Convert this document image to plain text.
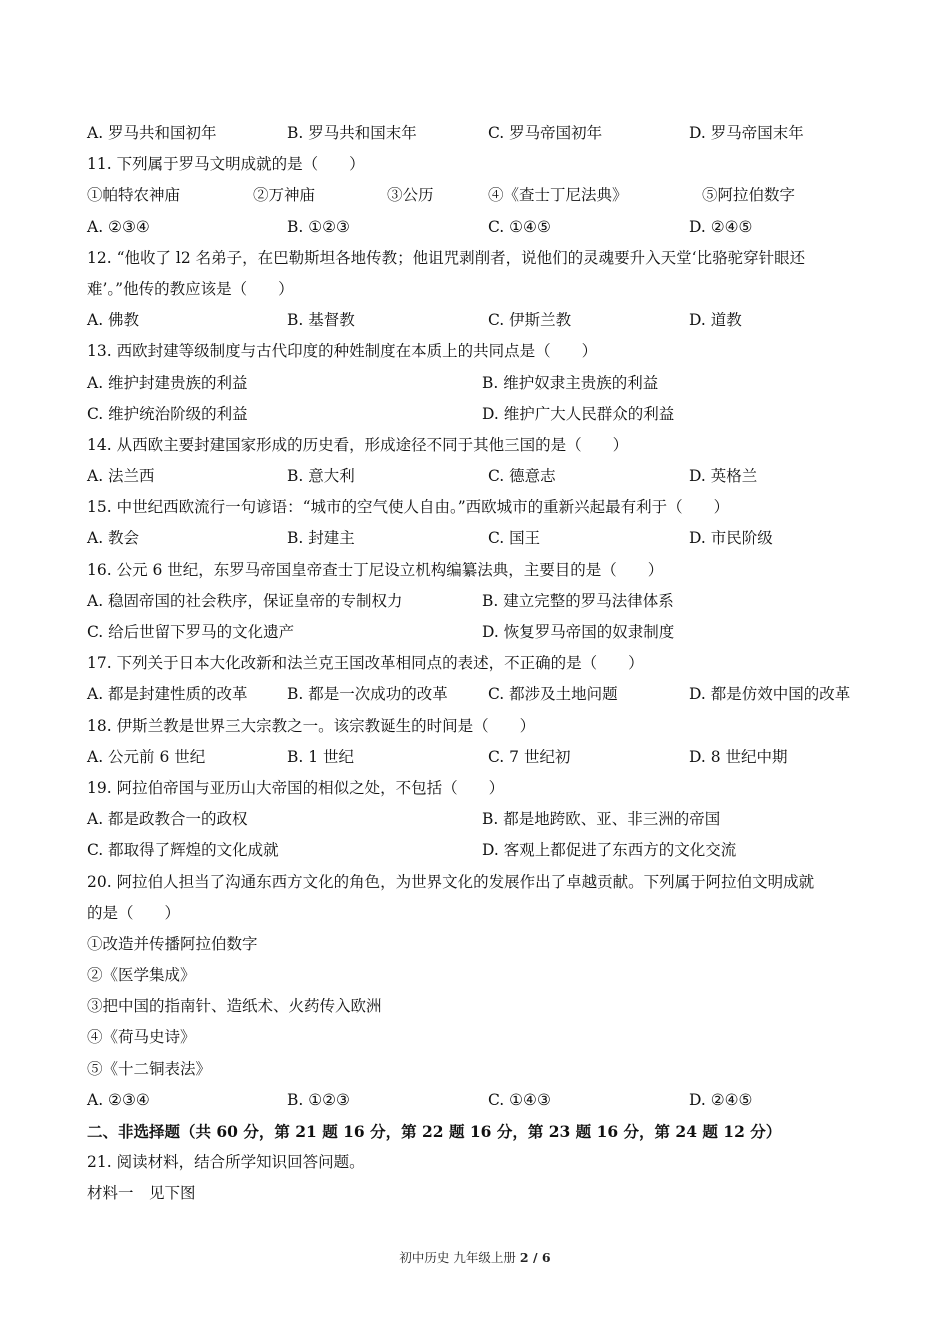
A. 罗马共和国初年	B. 罗马共和国末年	C. 罗马帝国初年	D. 罗马帝国末年
11. 下列属于罗马文明成就的是（　　）
①帕特农神庙	②万神庙	③公历	④《查士丁尼法典》	⑤阿拉伯数字
A. ②③④	B. ①②③	C. ①④⑤	D. ②④⑤
12. “他收了 l2 名弟子，在巴勒斯坦各地传教；他诅咒剥削者，说他们的灵魂要升入天堂‘比骆驼穿针眼还
难’。”他传的教应该是（　　）
A. 佛教	B. 基督教	C. 伊斯兰教	D. 道教
13. 西欧封建等级制度与古代印度的种姓制度在本质上的共同点是（　　）
A. 维护封建贵族的利益	B. 维护奴隶主贵族的利益
C. 维护统治阶级的利益	D. 维护广大人民群众的利益
14. 从西欧主要封建国家形成的历史看，形成途径不同于其他三国的是（　　）
A. 法兰西	B. 意大利	C. 德意志	D. 英格兰
15. 中世纪西欧流行一句谚语：“城市的空气使人自由。”西欧城市的重新兴起最有利于（　　）
A. 教会	B. 封建主	C. 国王	D. 市民阶级
16. 公元 6 世纪，东罗马帝国皇帝查士丁尼设立机构编纂法典，主要目的是（　　）
A. 稳固帝国的社会秩序，保证皇帝的专制权力	B. 建立完整的罗马法律体系
C. 给后世留下罗马的文化遗产	D. 恢复罗马帝国的奴隶制度
17. 下列关于日本大化改新和法兰克王国改革相同点的表述，不正确的是（　　）
A. 都是封建性质的改革	B. 都是一次成功的改革	C. 都涉及土地问题	D. 都是仿效中国的改革
18. 伊斯兰教是世界三大宗教之一。该宗教诞生的时间是（　　）
A. 公元前 6 世纪	B. 1 世纪	C. 7 世纪初	D. 8 世纪中期
19. 阿拉伯帝国与亚历山大帝国的相似之处，不包括（　　）
A. 都是政教合一的政权	B. 都是地跨欧、亚、非三洲的帝国
C. 都取得了辉煌的文化成就	D. 客观上都促进了东西方的文化交流
20. 阿拉伯人担当了沟通东西方文化的角色，为世界文化的发展作出了卓越贡献。下列属于阿拉伯文明成就
的是（　　）
①改造并传播阿拉伯数字
②《医学集成》
③把中国的指南针、造纸术、火药传入欧洲
④《荷马史诗》
⑤《十二铜表法》
A. ②③④	B. ①②③	C. ①④③	D. ②④⑤
二、非选择题（共 60 分，第 21 题 16 分，第 22 题 16 分，第 23 题 16 分，第 24 题 12 分）
21. 阅读材料，结合所学知识回答问题。
材料一　见下图
初中历史 九年级上册 2 / 6
